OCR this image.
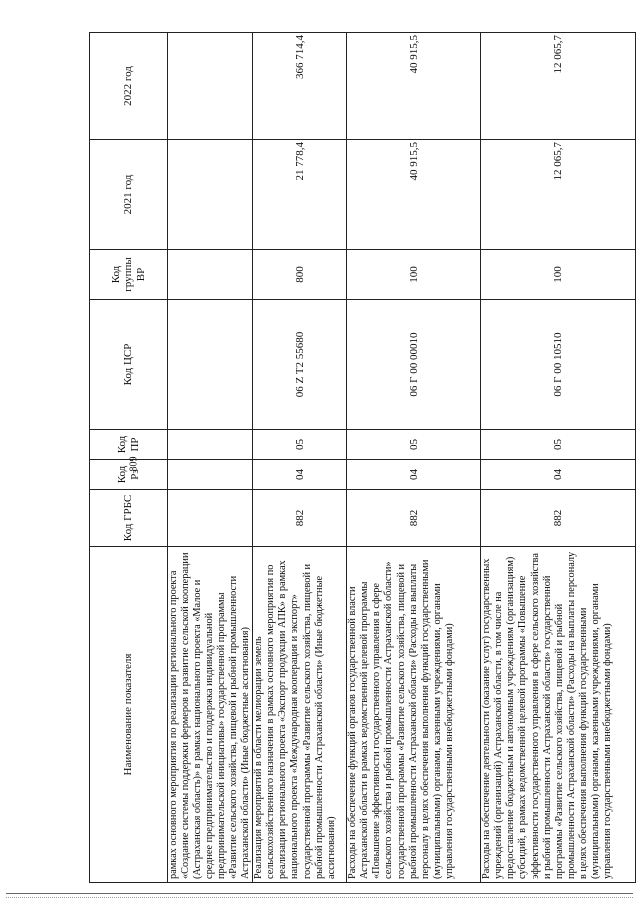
809
Наименование показателя	Код ГРБС	Код Рз	Код ПР	Код ЦСР	Код группы ВР	2021 год	2022 год
рамках основного мероприятия по реализации регионального проекта «Создание системы поддержки фермеров и развитие сельской кооперации (Астраханская область)» в рамках национального проекта «Малое и среднее предпринимательство и поддержка индивидуальной предпринимательской инициативы» государственной программы «Развитие сельского хозяйства, пищевой и рыбной промышленности Астраханской области» (Иные бюджетные ассигнования)							
Реализация мероприятий в области мелиорации земель сельскохозяйственного назначения в рамках основного мероприятия по реализации регионального проекта «Экспорт продукции АПК» в рамках национального проекта «Международная кооперация и экспорт» государственной программы «Развитие сельского хозяйства, пищевой и рыбной промышленности Астраханской области» (Иные бюджетные ассигнования)	882	04	05	06 Z T2 55680	800	21 778,4	366 714,4
Расходы на обеспечение функций органов государственной власти Астраханской области в рамках ведомственной целевой программы «Повышение эффективности государственного управления в сфере сельского хозяйства и рыбной промышленности Астраханской области» государственной программы «Развитие сельского хозяйства, пищевой и рыбной промышленности Астраханской области» (Расходы на выплаты персоналу в целях обеспечения выполнения функций государственными (муниципальными) органами, казенными учреждениями, органами управления государственными внебюджетными фондами)	882	04	05	06 Г 00 00010	100	40 915,5	40 915,5
Расходы на обеспечение деятельности (оказание услуг) государственных учреждений (организаций) Астраханской области, в том числе на предоставление бюджетным и автономным учреждениям (организациям) субсидий, в рамках ведомственной целевой программы «Повышение эффективности государственного управления в сфере сельского хозяйства и рыбной промышленности Астраханской области» государственной программы «Развитие сельского хозяйства, пищевой и рыбной промышленности Астраханской области» (Расходы на выплаты персоналу в целях обеспечения выполнения функций государственными (муниципальными) органами, казенными учреждениями, органами управления государственными внебюджетными фондами)	882	04	05	06 Г 00 10510	100	12 065,7	12 065,7
